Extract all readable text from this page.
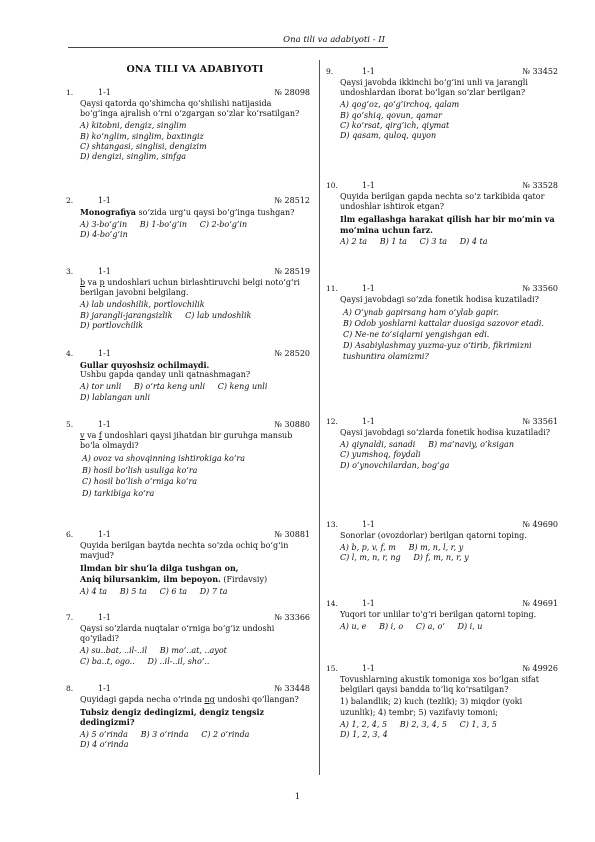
Ona tili va adabiyoti - II
ONA TILI VA ADABIYOTI
1.	1-1	№ 28098
Qaysi qatorda qo‘shimcha qo‘shilishi natijasida bo‘g‘inga ajralish o‘rni o‘zgargan so‘zlar ko‘rsatilgan?
A) kitobni, dengiz, singlim
B) ko‘nglim, singlim, baxtingiz
C) shtangasi, singlisi, dengizim
D) dengizi, singlim, sinfga
2.	1-1	№ 28512
Monografiya so‘zida urg‘u qaysi bo‘g‘inga tushgan?
A) 3-bo‘g‘in     B) 1-bo‘g‘in     C) 2-bo‘g‘in
D) 4-bo‘g‘in
3.	1-1	№ 28519
b va p undoshlari uchun birlashtiruvchi belgi noto‘g‘ri berilgan javobni belgilang.
A) lab undoshilik, portlovchilik
B) jarangli-jarangsizlik     C) lab undoshlik
D) portlovchilik
4.	1-1	№ 28520
Gullar quyoshsiz ochilmaydi.
Ushbu gapda qanday unli qatnashmagan?
A) tor unli     B) o‘rta keng unli     C) keng unli
D) lablangan unli
5.	1-1	№ 30880
v va f undoshlari qaysi jihatdan bir guruhga mansub bo‘la olmaydi?
A) ovoz va shovqinning ishtirokiga ko‘ra
B) hosil bo‘lish usuliga ko‘ra
C) hosil bo‘lish o‘rniga ko‘ra
D) tarkibiga ko‘ra
6.	1-1	№ 30881
Quyida berilgan baytda nechta so‘zda ochiq bo‘g‘in mavjud?
Ilmdan bir shu‘la dilga tushgan on,
Aniq bilursankim, ilm bepoyon. (Firdavsiy)
A) 4 ta     B) 5 ta     C) 6 ta     D) 7 ta
7.	1-1	№ 33366
Qaysi so‘zlarda nuqtalar o‘rniga bo‘g‘iz undoshi qo‘yiladi?
A) su..bat, ..il-..il     B) mo‘..at, ..ayot
C) ba..t, ogo..     D) ..il-..il, sho‘..
8.	1-1	№ 33448
Quyidagi gapda necha o‘rinda ng undoshi qo‘llangan?
Tubsiz dengiz dedingizmi, dengiz tengsiz dedingizmi?
A) 5 o‘rinda     B) 3 o‘rinda     C) 2 o‘rinda
D) 4 o‘rinda
9.	1-1	№ 33452
Qaysi javobda ikkinchi bo‘g‘ini unli va jarangli undoshlardan iborat bo‘lgan so‘zlar berilgan?
A) qog‘oz, qo‘g‘irchoq, qalam
B) qo‘shiq, qovun, qamar
C) ko‘rsat, qirg‘ich, qiymat
D) qasam, quloq, quyon
10.	1-1	№ 33528
Quyida berilgan gapda nechta so‘z tarkibida qator undoshlar ishtirok etgan?
Ilm egallashga harakat qilish har bir mo‘min va mo‘mina uchun farz.
A) 2 ta     B) 1 ta     C) 3 ta     D) 4 ta
11.	1-1	№ 33560
Qaysi javobdagi so‘zda fonetik hodisa kuzatiladi?
A) O‘ynab gapirsang ham o‘ylab gapir.
B) Odob yoshlarni kattalar duosiga sazovor etadi.
C) Ne-ne to‘siqlarni yengishgan edi.
D) Asabiylashmay yuzma-yuz o‘tirib, fikrimizni tushuntira olamizmi?
12.	1-1	№ 33561
Qaysi javobdagi so‘zlarda fonetik hodisa kuzatiladi?
A) qiynaldi, sanadi     B) ma’naviy, o‘ksigan
C) yumshoq, foydali
D) o‘ynovchilardan, bog‘ga
13.	1-1	№ 49690
Sonorlar (ovozdorlar) berilgan qatorni toping.
A) b, p, v, f, m     B) m, n, l, r, y
C) l, m, n, r, ng     D) f, m, n, r, y
14.	1-1	№ 49691
Yuqori tor unlilar to‘g‘ri berilgan qatorni toping.
A) u, e     B) i, o     C) a, o‘     D) i, u
15.	1-1	№ 49926
Tovushlarning akustik tomoniga xos bo‘lgan sifat belgilari qaysi bandda to‘liq ko‘rsatilgan?
1) balandlik; 2) kuch (tezlik); 3) miqdor (yoki uzunlik); 4) tembr; 5) vazifaviy tomoni;
A) 1, 2, 4, 5     B) 2, 3, 4, 5     C) 1, 3, 5
D) 1, 2, 3, 4
1
